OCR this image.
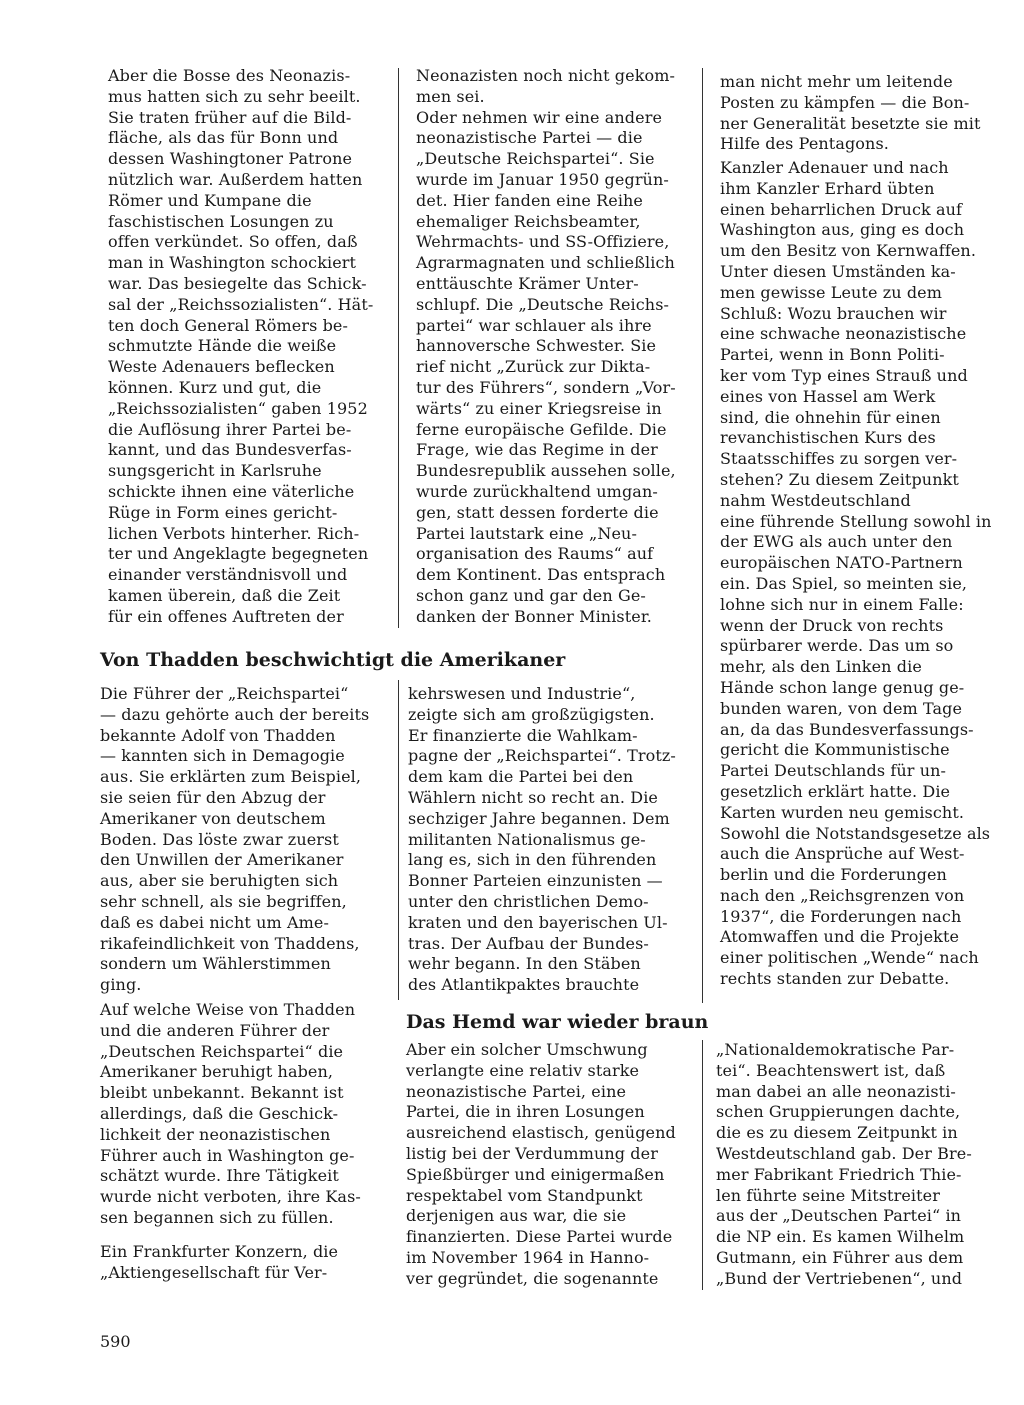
Aber die Bosse des Neonazis-
mus hatten sich zu sehr beeilt.
Sie traten früher auf die Bild-
fläche, als das für Bonn und
dessen Washingtoner Patrone
nützlich war. Außerdem hatten
Römer und Kumpane die
faschistischen Losungen zu
offen verkündet. So offen, daß
man in Washington schockiert
war. Das besiegelte das Schick-
sal der „Reichssozialisten“. Hät-
ten doch General Römers be-
schmutzte Hände die weiße
Weste Adenauers beflecken
können. Kurz und gut, die
„Reichssozialisten“ gaben 1952
die Auflösung ihrer Partei be-
kannt, und das Bundesverfas-
sungsgericht in Karlsruhe
schickte ihnen eine väterliche
Rüge in Form eines gericht-
lichen Verbots hinterher. Rich-
ter und Angeklagte begegneten
einander verständnisvoll und
kamen überein, daß die Zeit
für ein offenes Auftreten der

Neonazisten noch nicht gekom-
men sei.
Oder nehmen wir eine andere
neonazistische Partei — die
„Deutsche Reichspartei“. Sie
wurde im Januar 1950 gegrün-
det. Hier fanden eine Reihe
ehemaliger Reichsbeamter,
Wehrmachts- und SS-Offiziere,
Agrarmagnaten und schließlich
enttäuschte Krämer Unter-
schlupf. Die „Deutsche Reichs-
partei“ war schlauer als ihre
hannoversche Schwester. Sie
rief nicht „Zurück zur Dikta-
tur des Führers“, sondern „Vor-
wärts“ zu einer Kriegsreise in
ferne europäische Gefilde. Die
Frage, wie das Regime in der
Bundesrepublik aussehen solle,
wurde zurückhaltend umgan-
gen, statt dessen forderte die
Partei lautstark eine „Neu-
organisation des Raums“ auf
dem Kontinent. Das entsprach
schon ganz und gar den Ge-
danken der Bonner Minister.

man nicht mehr um leitende
Posten zu kämpfen — die Bon-
ner Generalität besetzte sie mit
Hilfe des Pentagons.

Kanzler Adenauer und nach
ihm Kanzler Erhard übten
einen beharrlichen Druck auf
Washington aus, ging es doch
um den Besitz von Kernwaffen.
Unter diesen Umständen ka-
men gewisse Leute zu dem
Schluß: Wozu brauchen wir
eine schwache neonazistische
Partei, wenn in Bonn Politi-
ker vom Typ eines Strauß und
eines von Hassel am Werk
sind, die ohnehin für einen
revanchistischen Kurs des
Staatsschiffes zu sorgen ver-
stehen? Zu diesem Zeitpunkt
nahm Westdeutschland
eine führende Stellung sowohl in
der EWG als auch unter den
europäischen NATO-Partnern
ein. Das Spiel, so meinten sie,
lohne sich nur in einem Falle:
wenn der Druck von rechts
spürbarer werde. Das um so
mehr, als den Linken die
Hände schon lange genug ge-
bunden waren, von dem Tage
an, da das Bundesverfassungs-
gericht die Kommunistische
Partei Deutschlands für un-
gesetzlich erklärt hatte. Die
Karten wurden neu gemischt.
Sowohl die Notstandsgesetze als
auch die Ansprüche auf West-
berlin und die Forderungen
nach den „Reichsgrenzen von
1937“, die Forderungen nach
Atomwaffen und die Projekte
einer politischen „Wende“ nach
rechts standen zur Debatte.

Von Thadden beschwichtigt die Amerikaner

Die Führer der „Reichspartei“
— dazu gehörte auch der bereits
bekannte Adolf von Thadden
— kannten sich in Demagogie
aus. Sie erklärten zum Beispiel,
sie seien für den Abzug der
Amerikaner von deutschem
Boden. Das löste zwar zuerst
den Unwillen der Amerikaner
aus, aber sie beruhigten sich
sehr schnell, als sie begriffen,
daß es dabei nicht um Ame-
rikafeindlichkeit von Thaddens,
sondern um Wählerstimmen
ging.

Auf welche Weise von Thadden
und die anderen Führer der
„Deutschen Reichspartei“ die
Amerikaner beruhigt haben,
bleibt unbekannt. Bekannt ist
allerdings, daß die Geschick-
lichkeit der neonazistischen
Führer auch in Washington ge-
schätzt wurde. Ihre Tätigkeit
wurde nicht verboten, ihre Kas-
sen begannen sich zu füllen.

Ein Frankfurter Konzern, die
„Aktiengesellschaft für Ver-

kehrswesen und Industrie“,
zeigte sich am großzügigsten.
Er finanzierte die Wahlkam-
pagne der „Reichspartei“. Trotz-
dem kam die Partei bei den
Wählern nicht so recht an. Die
sechziger Jahre begannen. Dem
militanten Nationalismus ge-
lang es, sich in den führenden
Bonner Parteien einzunisten —
unter den christlichen Demo-
kraten und den bayerischen Ul-
tras. Der Aufbau der Bundes-
wehr begann. In den Stäben
des Atlantikpaktes brauchte

Das Hemd war wieder braun

Aber ein solcher Umschwung
verlangte eine relativ starke
neonazistische Partei, eine
Partei, die in ihren Losungen
ausreichend elastisch, genügend
listig bei der Verdummung der
Spießbürger und einigermaßen
respektabel vom Standpunkt
derjenigen aus war, die sie
finanzierten. Diese Partei wurde
im November 1964 in Hanno-
ver gegründet, die sogenannte

„Nationaldemokratische Par-
tei“. Beachtenswert ist, daß
man dabei an alle neonazisti-
schen Gruppierungen dachte,
die es zu diesem Zeitpunkt in
Westdeutschland gab. Der Bre-
mer Fabrikant Friedrich Thie-
len führte seine Mitstreiter
aus der „Deutschen Partei“ in
die NP ein. Es kamen Wilhelm
Gutmann, ein Führer aus dem
„Bund der Vertriebenen“, und

590
